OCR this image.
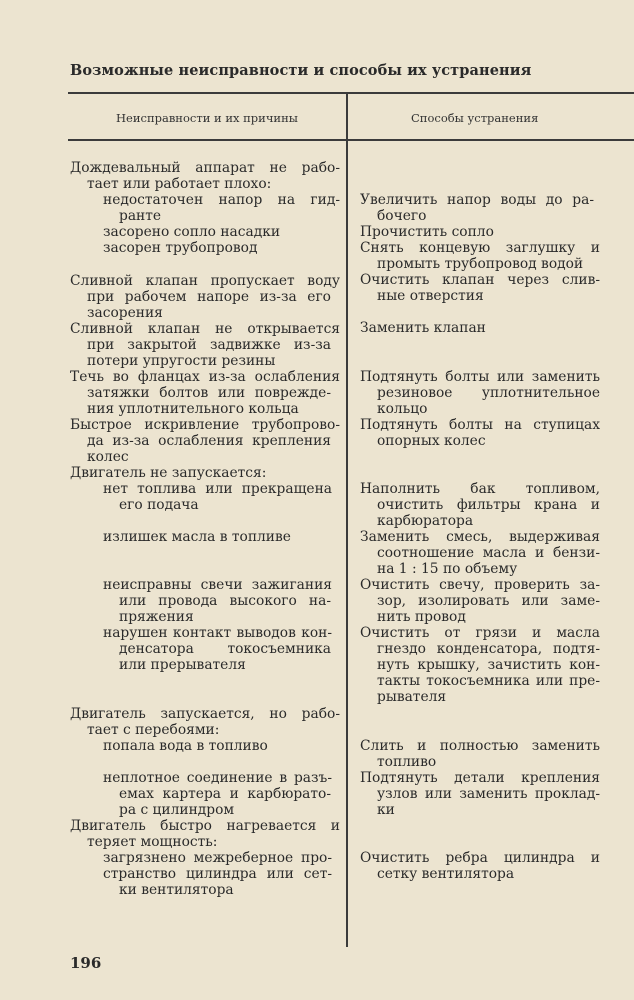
Возможные неисправности и способы их устранения
Неисправности и их причины	Способы устранения
Дождевальный аппарат не рабо-
тает или работает плохо:
недостаточен напор на гид-
ранте
засорено сопло насадки
засорен трубопровод
Сливной клапан пропускает воду
при рабочем напоре из-за его
засорения
Сливной клапан не открывается
при закрытой задвижке из-за
потери упругости резины
Течь во фланцах из-за ослабления
затяжки болтов или поврежде-
ния уплотнительного кольца
Быстрое искривление трубопрово-
да из-за ослабления крепления
колес
Двигатель не запускается:
нет топлива или прекращена
его подача
излишек масла в топливе
неисправны свечи зажигания
или провода высокого на-
пряжения
нарушен контакт выводов кон-
денсатора токосъемника
или прерывателя
Двигатель запускается, но рабо-
тает с перебоями:
попала вода в топливо
неплотное соединение в разъ-
емах картера и карбюрато-
ра с цилиндром
Двигатель быстро нагревается и
теряет мощность:
загрязнено межреберное про-
странство цилиндра или сет-
ки вентилятора
Увеличить напор воды до ра-
бочего
Прочистить сопло
Снять концевую заглушку и
промыть трубопровод водой
Очистить клапан через слив-
ные отверстия
Заменить клапан
Подтянуть болты или заменить
резиновое уплотнительное
кольцо
Подтянуть болты на ступицах
опорных колес
Наполнить бак топливом,
очистить фильтры крана и
карбюратора
Заменить смесь, выдерживая
соотношение масла и бензи-
на 1 : 15 по объему
Очистить свечу, проверить за-
зор, изолировать или заме-
нить провод
Очистить от грязи и масла
гнездо конденсатора, подтя-
нуть крышку, зачистить кон-
такты токосъемника или пре-
рывателя
Слить и полностью заменить
топливо
Подтянуть детали крепления
узлов или заменить проклад-
ки
Очистить ребра цилиндра и
сетку вентилятора
196
